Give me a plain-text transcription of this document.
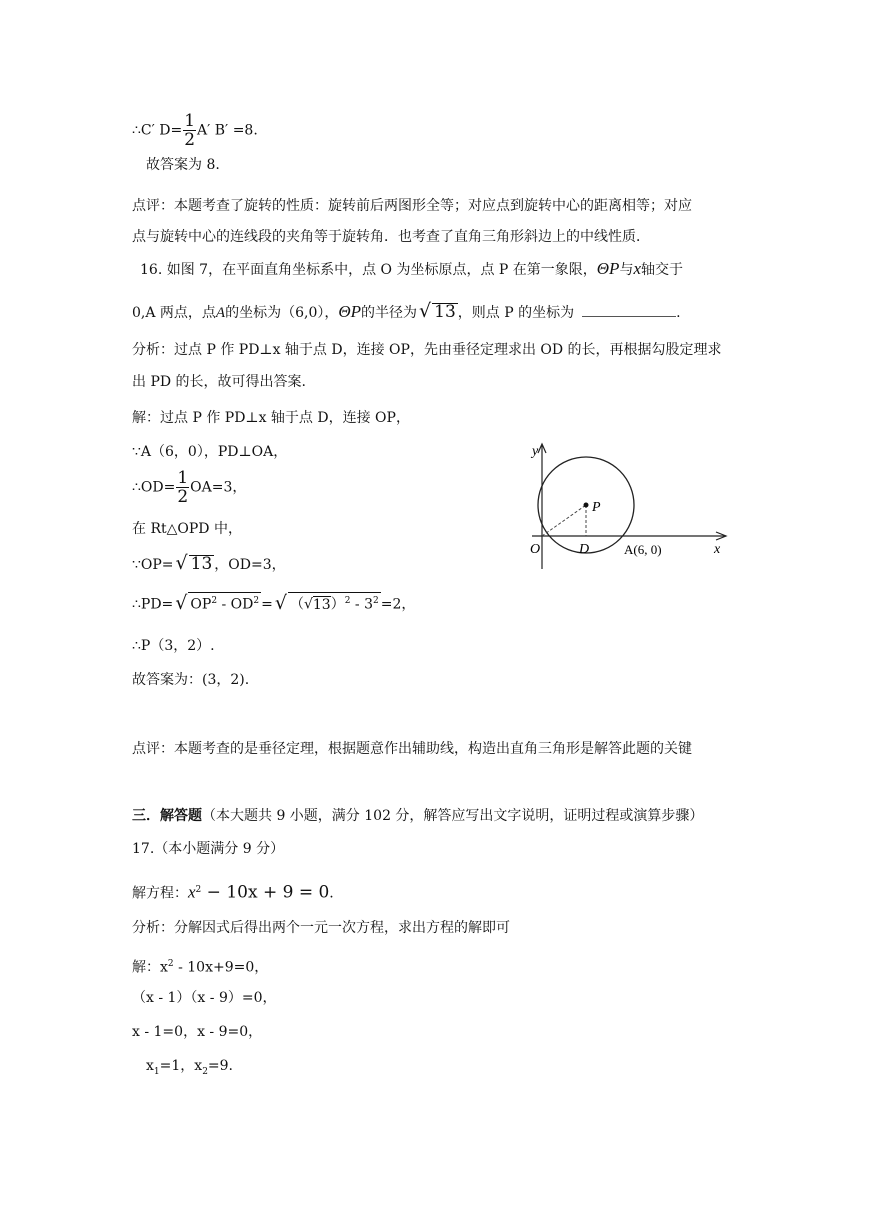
∴C′ $D= \frac{1}{2} A'$ B′ =8.
故答案为 8.
点评：本题考查了旋转的性质：旋转前后两图形全等；对应点到旋转中心的距离相等；对应
点与旋转中心的连线段的夹角等于旋转角．也考查了直角三角形斜边上的中线性质．
16. 如图 7，在平面直角坐标系中，点 O 为坐标原点，点 P 在第一象限，ΘP与x轴交于
0,A 两点，点A的坐标为（6,0），ΘP的半径为 √ 13 ，则点 P 的坐标为	.
分析：过点 P 作 PD⊥x 轴于点 D，连接 OP，先由垂径定理求出 OD 的长，再根据勾股定理求
出 PD 的长，故可得出答案.
解：过点 P 作 PD⊥x 轴于点 D，连接 OP，
∵A（6，0），PD⊥OA，
∴OD= $\frac{1}{2} OA=3$，
在 Rt△OPD 中，
∵OP= √ 13 ，OD=3，
∴PD= √ $OP^2 - OD^2$ = √ $(√13)^2 - 3^2 =2$，
∴P（3，2）.
故答案为：(3，2).
点评：本题考查的是垂径定理，根据题意作出辅助线，构造出直角三角形是解答此题的关键
三．解答题（本大题共 9 小题，满分 102 分，解答应写出文字说明，证明过程或演算步骤）
17.（本小题满分 9 分）
解方程：$x^2 - 10x + 9 = 0$.
分析：分解因式后得出两个一元一次方程，求出方程的解即可
解：$x^2 - 10x+9=0$，
（x - 1）（x - 9）=0，
x - 1=0，x - 9=0，
$x_1=1$，$x_2=9$.
y
x
O	D
P
A(6, 0)
